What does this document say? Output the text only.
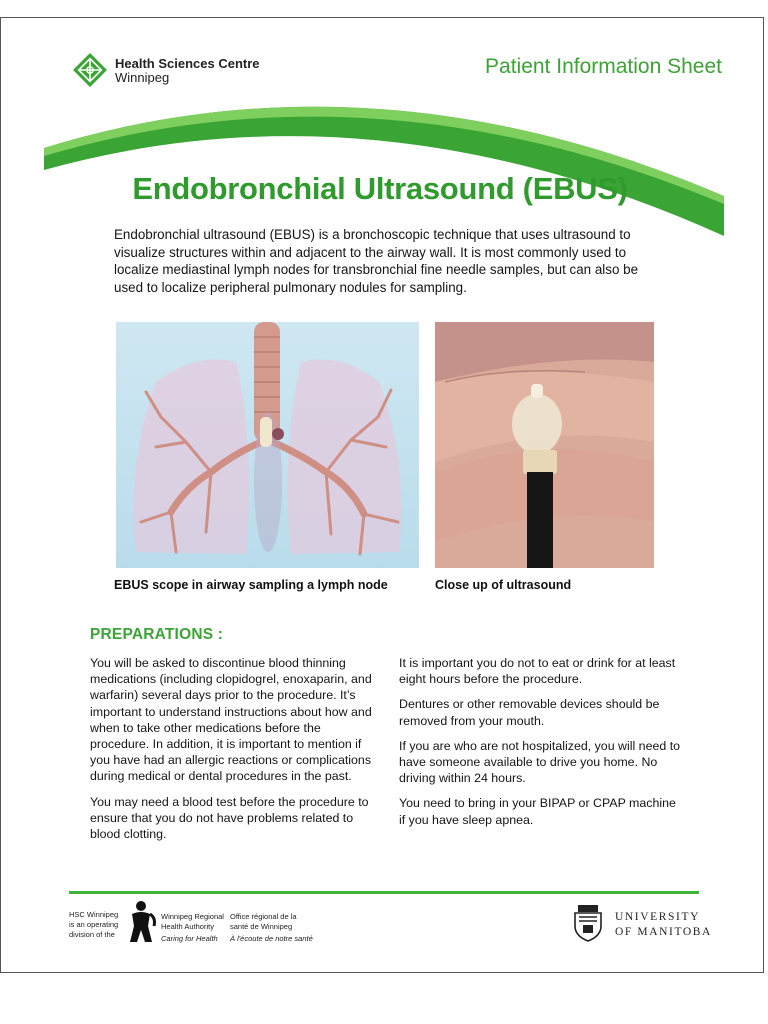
Health Sciences Centre
Winnipeg	Patient Information Sheet
Endobronchial Ultrasound (EBUS)

Endobronchial ultrasound (EBUS) is a bronchoscopic technique that uses ultrasound to visualize structures within and adjacent to the airway wall. It is most commonly used to localize mediastinal lymph nodes for transbronchial fine needle samples, but can also be used to localize peripheral pulmonary nodules for sampling.

EBUS scope in airway sampling a lymph node	Close up of ultrasound
PREPARATIONS :

You will be asked to discontinue blood thinning medications (including clopidogrel, enoxaparin, and warfarin) several days prior to the procedure. It’s important to understand instructions about how and when to take other medications before the procedure. In addition, it is important to mention if you have had an allergic reactions or complications during medical or dental procedures in the past.

You may need a blood test before the procedure to ensure that you do not have problems related to blood clotting.

It is important you do not to eat or drink for at least eight hours before the procedure.

Dentures or other removable devices should be removed from your mouth.

If you are who are not hospitalized, you will need to have someone available to drive you home. No driving within 24 hours.

You need to bring in your BIPAP or CPAP machine if you have sleep apnea.

HSC Winnipeg
is an operating
division of the
Winnipeg Regional
Health Authority
Caring for Health
Office régional de la
santé de Winnipeg
À l'écoute de notre santé
UNIVERSITY
OF MANITOBA
